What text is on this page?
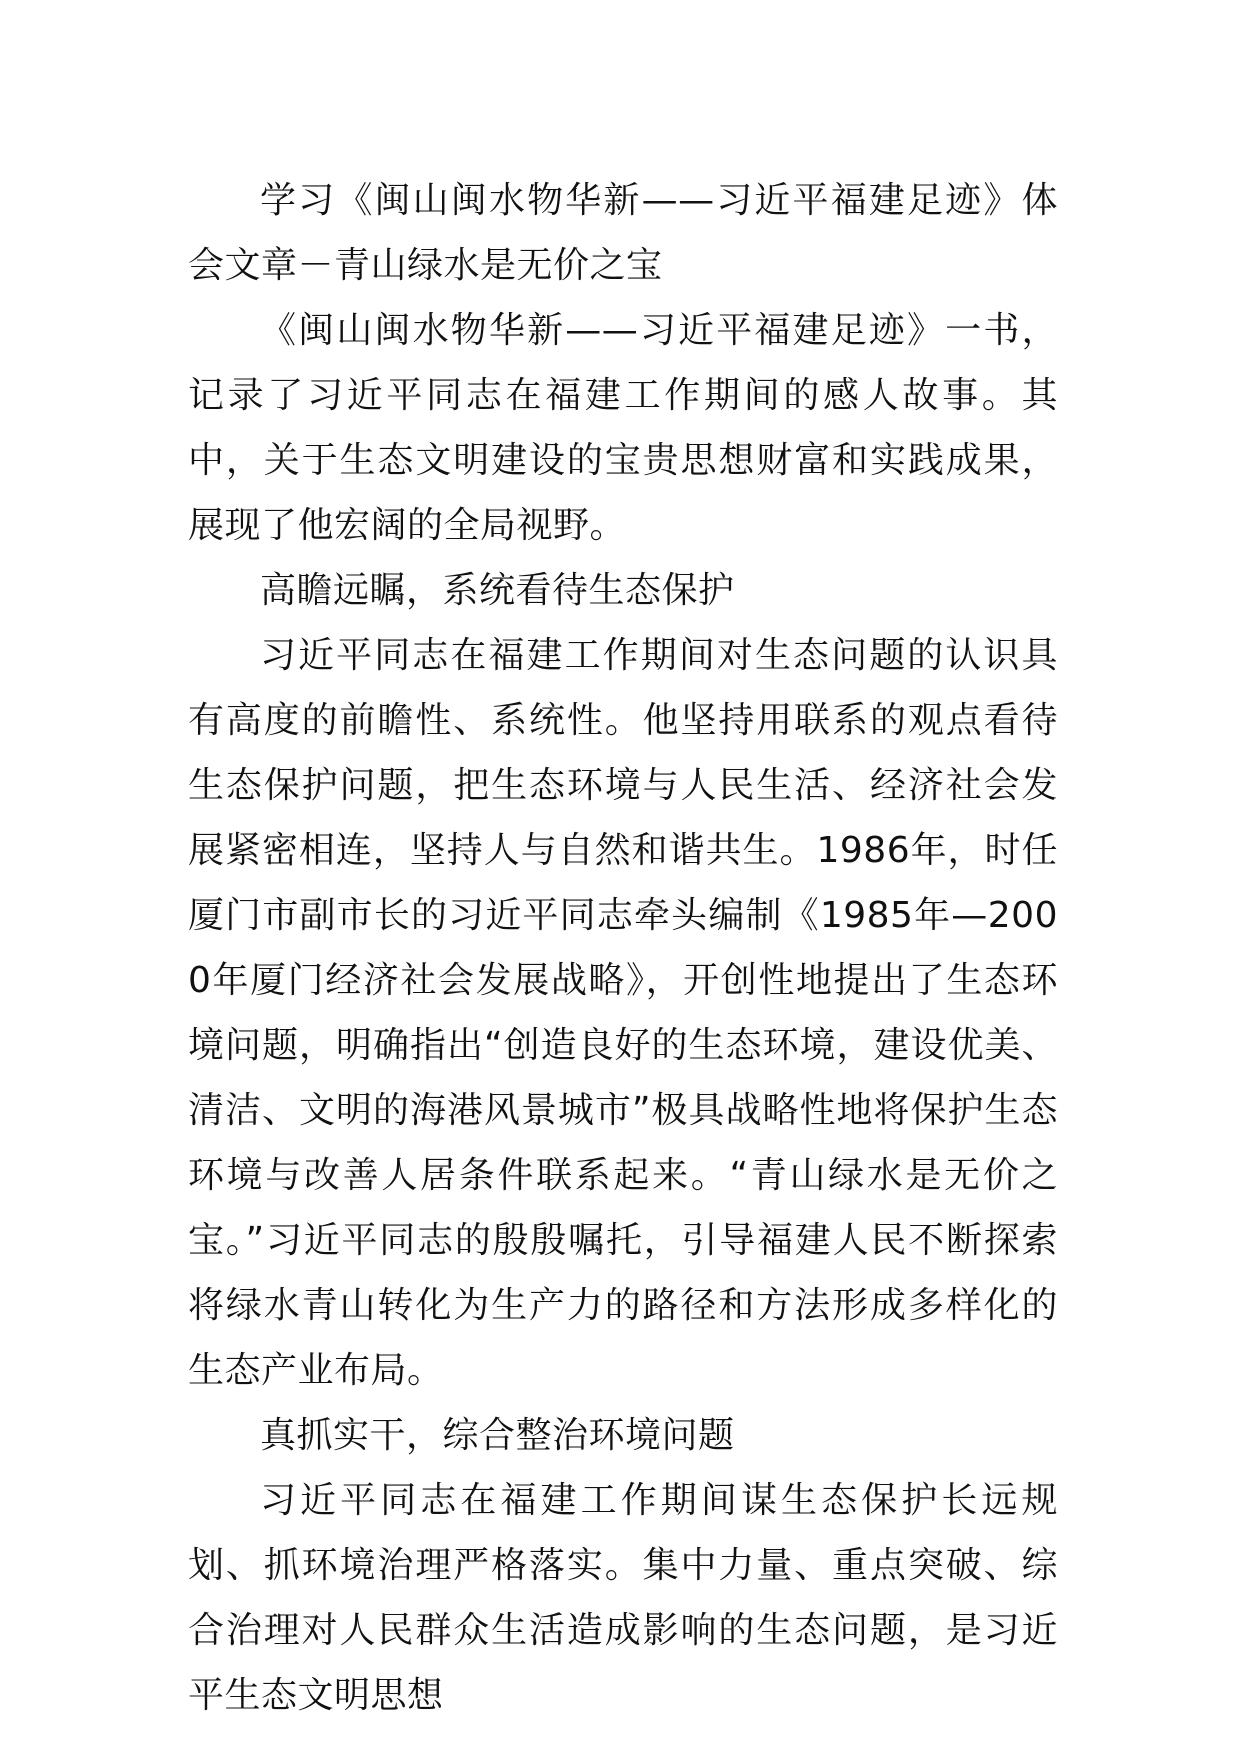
学习《闽山闽水物华新——习近平福建足迹》体会文章－青山绿水是无价之宝

《闽山闽水物华新——习近平福建足迹》一书，记录了习近平同志在福建工作期间的感人故事。其中，关于生态文明建设的宝贵思想财富和实践成果，展现了他宏阔的全局视野。

高瞻远瞩，系统看待生态保护

习近平同志在福建工作期间对生态问题的认识具有高度的前瞻性、系统性。他坚持用联系的观点看待生态保护问题，把生态环境与人民生活、经济社会发展紧密相连，坚持人与自然和谐共生。1986年，时任厦门市副市长的习近平同志牵头编制《1985年—2000年厦门经济社会发展战略》，开创性地提出了生态环境问题，明确指出“创造良好的生态环境，建设优美、清洁、文明的海港风景城市”极具战略性地将保护生态环境与改善人居条件联系起来。“青山绿水是无价之宝。”习近平同志的殷殷嘱托，引导福建人民不断探索将绿水青山转化为生产力的路径和方法形成多样化的生态产业布局。

真抓实干，综合整治环境问题

习近平同志在福建工作期间谋生态保护长远规划、抓环境治理严格落实。集中力量、重点突破、综合治理对人民群众生活造成影响的生态问题，是习近平生态文明思想
